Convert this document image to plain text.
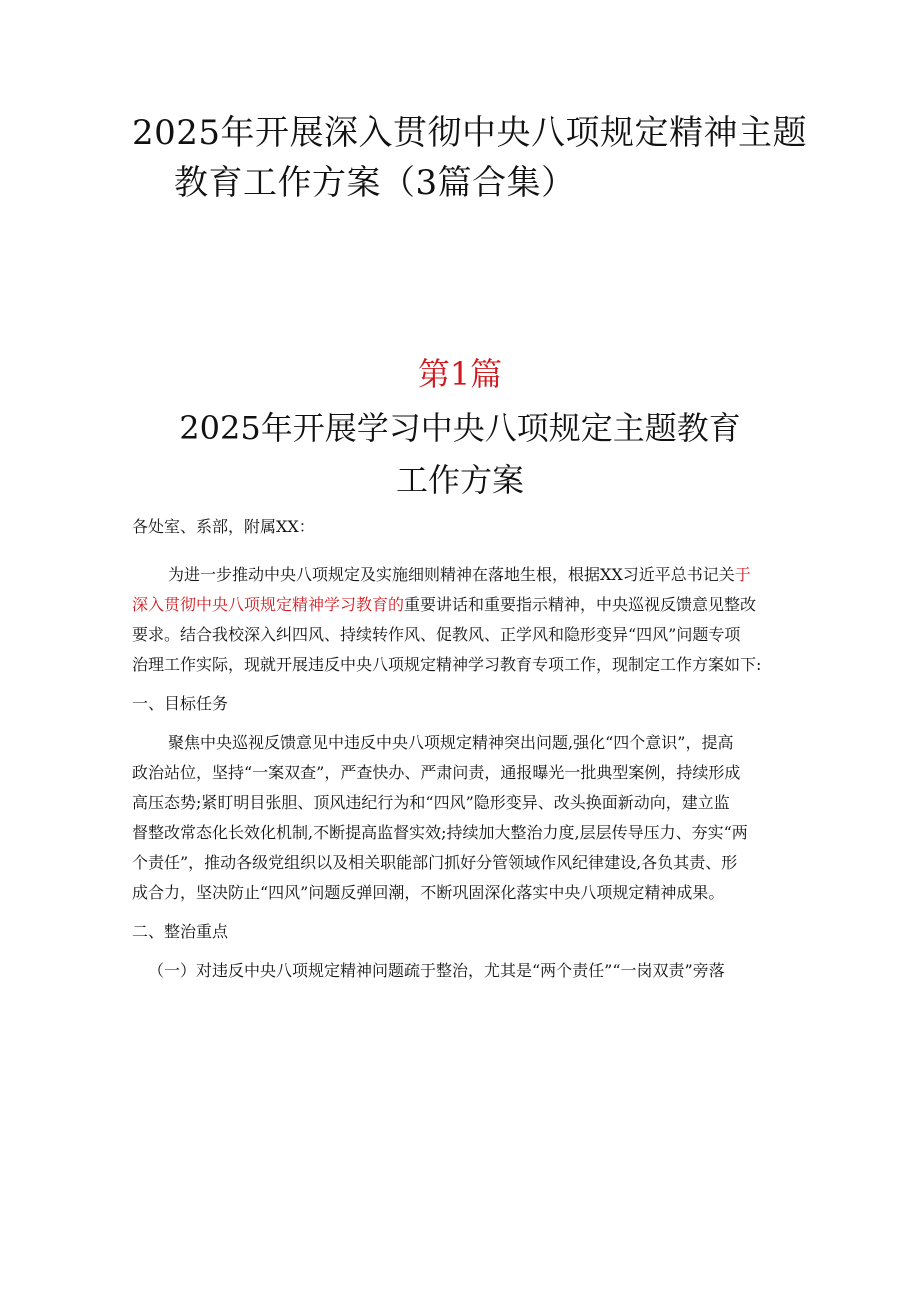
2025年开展深入贯彻中央八项规定精神主题
教育工作方案（3篇合集）
第1篇
2025年开展学习中央八项规定主题教育
工作方案

各处室、系部，附属XX：

为进一步推动中央八项规定及实施细则精神在落地生根，根据XX习近平总书记关于
深入贯彻中央八项规定精神学习教育的重要讲话和重要指示精神，中央巡视反馈意见整改
要求。结合我校深入纠四风、持续转作风、促教风、正学风和隐形变异“四风”问题专项
治理工作实际，现就开展违反中央八项规定精神学习教育专项工作，现制定工作方案如下:

一、目标任务

聚焦中央巡视反馈意见中违反中央八项规定精神突出问题,强化“四个意识”，提高
政治站位，坚持“一案双查”，严查快办、严肃问责，通报曝光一批典型案例，持续形成
高压态势;紧盯明目张胆、顶风违纪行为和“四风”隐形变异、改头换面新动向，建立监
督整改常态化长效化机制,不断提高监督实效;持续加大整治力度,层层传导压力、夯实“两
个责任”，推动各级党组织以及相关职能部门抓好分管领域作风纪律建设,各负其责、形
成合力，坚决防止“四风”问题反弹回潮，不断巩固深化落实中央八项规定精神成果。

二、整治重点

（一）对违反中央八项规定精神问题疏于整治，尤其是“两个责任”“一岗双责”旁落
